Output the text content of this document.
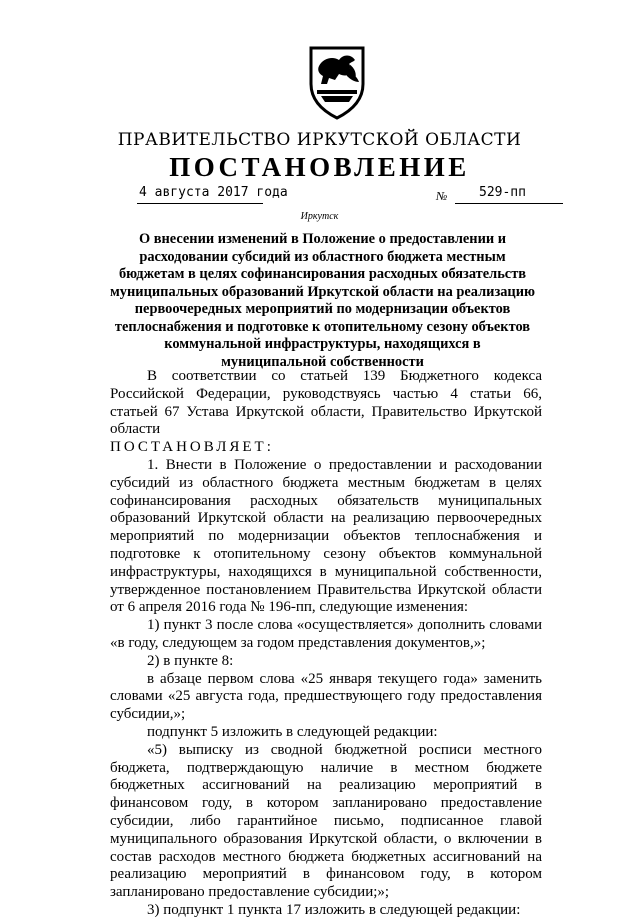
ПРАВИТЕЛЬСТВО ИРКУТСКОЙ ОБЛАСТИ
ПОСТАНОВЛЕНИЕ
4 августа 2017 года	№ 529-пп
Иркутск
О внесении изменений в Положение о предоставлении и расходовании субсидий из областного бюджета местным бюджетам в целях софинансирования расходных обязательств муниципальных образований Иркутской области на реализацию первоочередных мероприятий по модернизации объектов теплоснабжения и подготовке к отопительному сезону объектов коммунальной инфраструктуры, находящихся в муниципальной собственности

В соответствии со статьей 139 Бюджетного кодекса Российской Федерации, руководствуясь частью 4 статьи 66, статьей 67 Устава Иркутской области, Правительство Иркутской области

ПОСТАНОВЛЯЕТ:

1. Внести в Положение о предоставлении и расходовании субсидий из областного бюджета местным бюджетам в целях софинансирования расходных обязательств муниципальных образований Иркутской области на реализацию первоочередных мероприятий по модернизации объектов теплоснабжения и подготовке к отопительному сезону объектов коммунальной инфраструктуры, находящихся в муниципальной собственности, утвержденное постановлением Правительства Иркутской области от 6 апреля 2016 года № 196-пп, следующие изменения:

1) пункт 3 после слова «осуществляется» дополнить словами «в году, следующем за годом представления документов,»;

2) в пункте 8:

в абзаце первом слова «25 января текущего года» заменить словами «25 августа года, предшествующего году предоставления субсидии,»;

подпункт 5 изложить в следующей редакции:

«5) выписку из сводной бюджетной росписи местного бюджета, подтверждающую наличие в местном бюджете бюджетных ассигнований на реализацию мероприятий в финансовом году, в котором запланировано предоставление субсидии, либо гарантийное письмо, подписанное главой муниципального образования Иркутской области, о включении в состав расходов местного бюджета бюджетных ассигнований на реализацию мероприятий в финансовом году, в котором запланировано предоставление субсидии;»;

3) подпункт 1 пункта 17 изложить в следующей редакции:
